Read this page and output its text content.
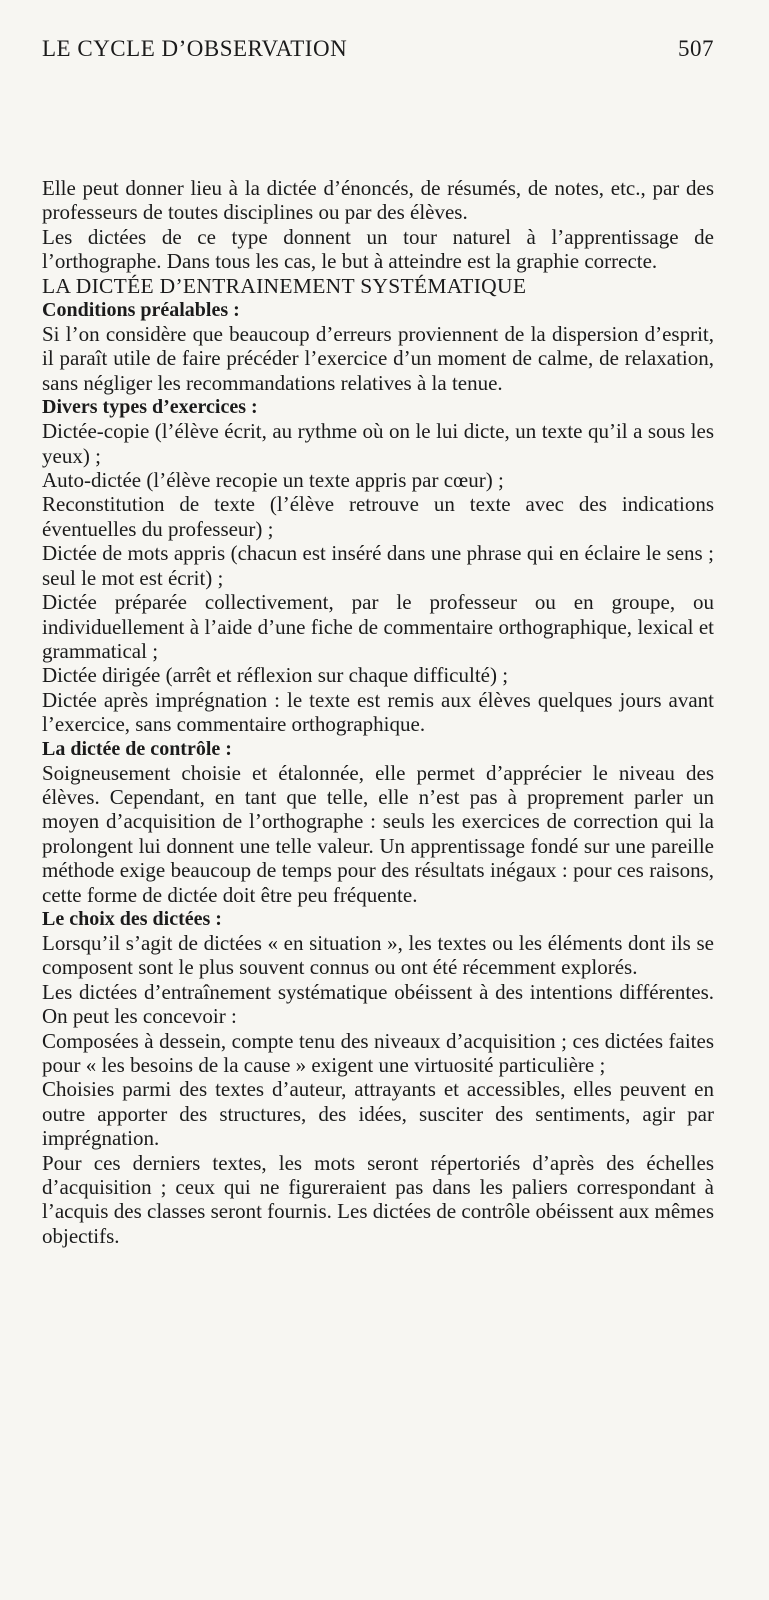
LE CYCLE D’OBSERVATION	507

Elle peut donner lieu à la dictée d’énoncés, de résumés, de notes, etc., par des professeurs de toutes disciplines ou par des élèves.

Les dictées de ce type donnent un tour naturel à l’apprentissage de l’orthographe. Dans tous les cas, le but à atteindre est la graphie correcte.

LA DICTÉE D’ENTRAINEMENT SYSTÉMATIQUE

Conditions préalables :

Si l’on considère que beaucoup d’erreurs proviennent de la dispersion d’esprit, il paraît utile de faire précéder l’exercice d’un moment de calme, de relaxation, sans négliger les recommandations relatives à la tenue.

Divers types d’exercices :

Dictée-copie (l’élève écrit, au rythme où on le lui dicte, un texte qu’il a sous les yeux) ;

Auto-dictée (l’élève recopie un texte appris par cœur) ;

Reconstitution de texte (l’élève retrouve un texte avec des indications éventuelles du professeur) ;

Dictée de mots appris (chacun est inséré dans une phrase qui en éclaire le sens ; seul le mot est écrit) ;

Dictée préparée collectivement, par le professeur ou en groupe, ou individuellement à l’aide d’une fiche de commentaire orthographique, lexical et grammatical ;

Dictée dirigée (arrêt et réflexion sur chaque difficulté) ;

Dictée après imprégnation : le texte est remis aux élèves quelques jours avant l’exercice, sans commentaire orthographique.

La dictée de contrôle :

Soigneusement choisie et étalonnée, elle permet d’apprécier le niveau des élèves. Cependant, en tant que telle, elle n’est pas à proprement parler un moyen d’acquisition de l’orthographe : seuls les exercices de correction qui la prolongent lui donnent une telle valeur. Un apprentissage fondé sur une pareille méthode exige beaucoup de temps pour des résultats inégaux : pour ces raisons, cette forme de dictée doit être peu fréquente.

Le choix des dictées :

Lorsqu’il s’agit de dictées « en situation », les textes ou les éléments dont ils se composent sont le plus souvent connus ou ont été récemment explorés.

Les dictées d’entraînement systématique obéissent à des intentions différentes. On peut les concevoir :

Composées à dessein, compte tenu des niveaux d’acquisition ; ces dictées faites pour « les besoins de la cause » exigent une virtuosité particulière ;

Choisies parmi des textes d’auteur, attrayants et accessibles, elles peuvent en outre apporter des structures, des idées, susciter des sentiments, agir par imprégnation.

Pour ces derniers textes, les mots seront répertoriés d’après des échelles d’acquisition ; ceux qui ne figureraient pas dans les paliers correspondant à l’acquis des classes seront fournis. Les dictées de contrôle obéissent aux mêmes objectifs.
